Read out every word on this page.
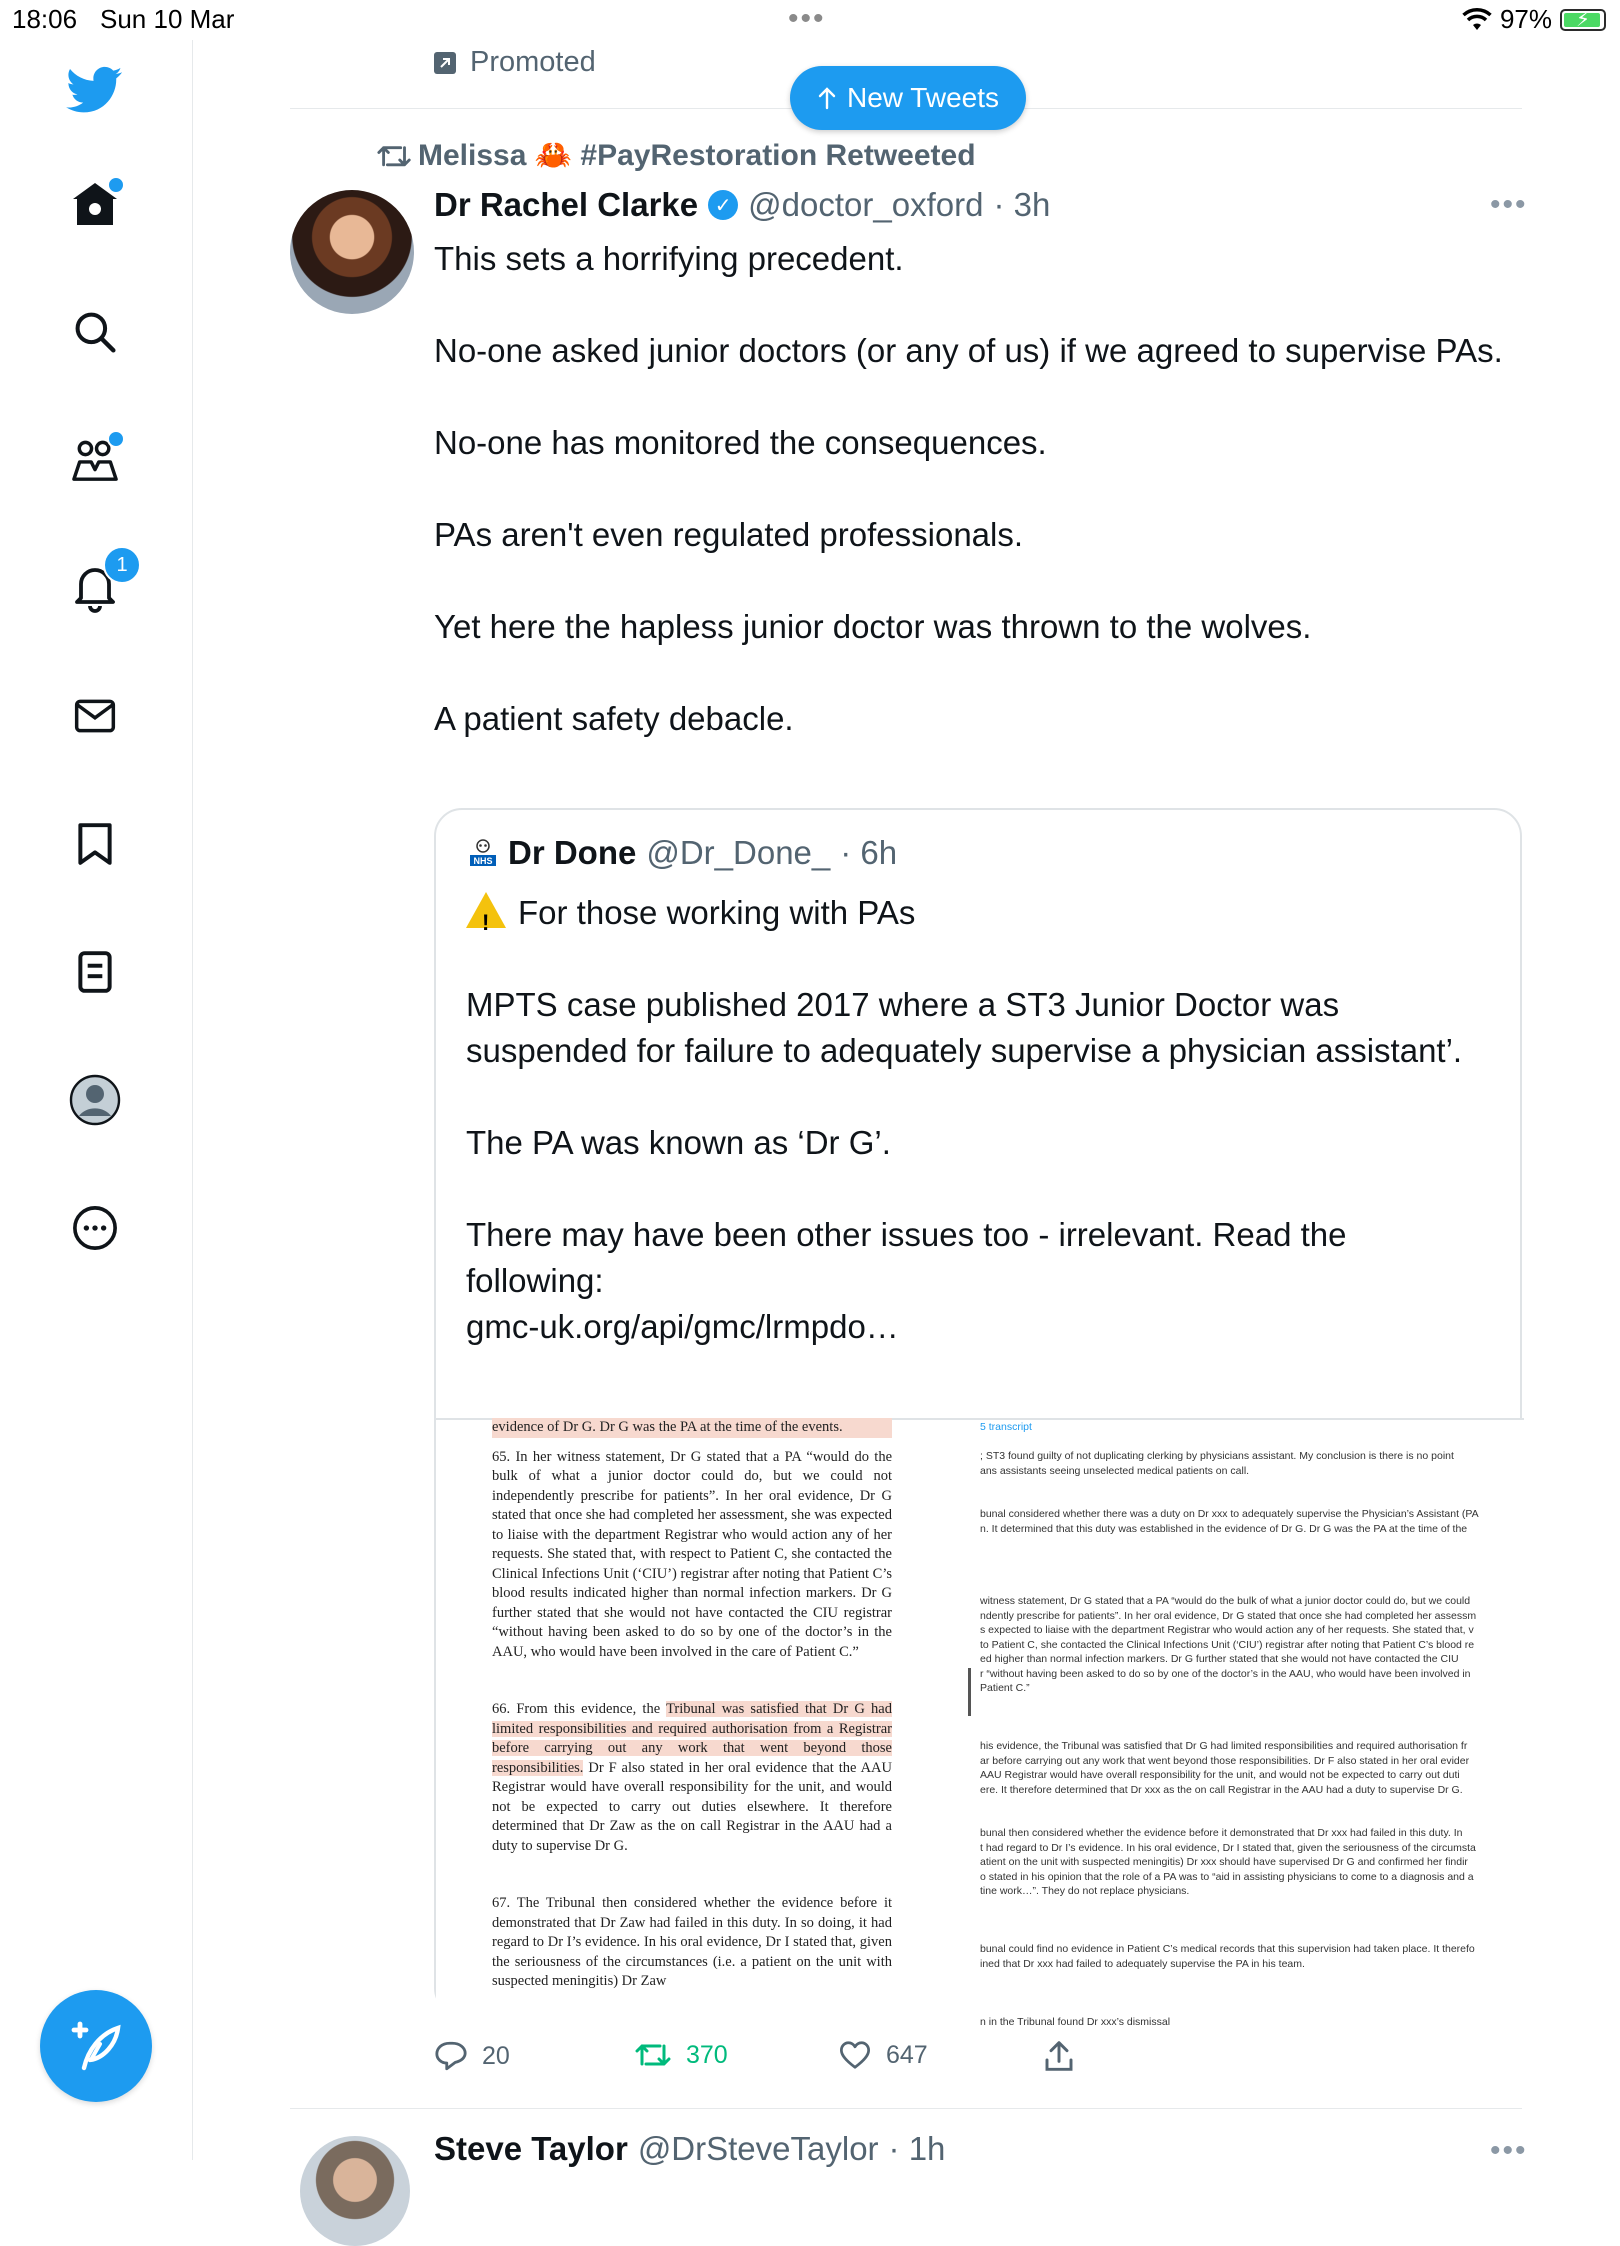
18:06 Sun 10 Mar	•••	97% ⚡
1
Promoted
New Tweets
Melissa 🦀 #PayRestoration Retweeted
Dr Rachel Clarke ✓ @doctor_oxford · 3h	•••

This sets a horrifying precedent.

No-one asked junior doctors (or any of us) if we agreed to supervise PAs.

No-one has monitored the consequences.

PAs aren't even regulated professionals.

Yet here the hapless junior doctor was thrown to the wolves.

A patient safety debacle.

NHS Dr Done @Dr_Done_ · 6h

! For those working with PAs

MPTS case published 2017 where a ST3 Junior Doctor was suspended for failure to adequately supervise a physician assistant’.

The PA was known as ‘Dr G’.

There may have been other issues too - irrelevant. Read the following:

gmc-uk.org/api/gmc/lrmpdo…

evidence of Dr G. Dr G was the PA at the time of the events.

65. In her witness statement, Dr G stated that a PA “would do the bulk of what a junior doctor could do, but we could not independently prescribe for patients”. In her oral evidence, Dr G stated that once she had completed her assessment, she was expected to liaise with the department Registrar who would action any of her requests. She stated that, with respect to Patient C, she contacted the Clinical Infections Unit (‘CIU’) registrar after noting that Patient C’s blood results indicated higher than normal infection markers. Dr G further stated that she would not have contacted the CIU registrar “without having been asked to do so by one of the doctor’s in the AAU, who would have been involved in the care of Patient C.”

66. From this evidence, the Tribunal was satisfied that Dr G had limited responsibilities and required authorisation from a Registrar before carrying out any work that went beyond those responsibilities. Dr F also stated in her oral evidence that the AAU Registrar would have overall responsibility for the unit, and would not be expected to carry out duties elsewhere. It therefore determined that Dr Zaw as the on call Registrar in the AAU had a duty to supervise Dr G.

67. The Tribunal then considered whether the evidence before it demonstrated that Dr Zaw had failed in this duty. In so doing, it had regard to Dr I’s evidence. In his oral evidence, Dr I stated that, given the seriousness of the circumstances (i.e. a patient on the unit with suspected meningitis) Dr Zaw

5 transcript

; ST3 found guilty of not duplicating clerking by physicians assistant. My conclusion is there is no point

ans assistants seeing unselected medical patients on call.

bunal considered whether there was a duty on Dr xxx to adequately supervise the Physician’s Assistant (PA

n. It determined that this duty was established in the evidence of Dr G. Dr G was the PA at the time of the

witness statement, Dr G stated that a PA “would do the bulk of what a junior doctor could do, but we could

ndently prescribe for patients”. In her oral evidence, Dr G stated that once she had completed her assessm

s expected to liaise with the department Registrar who would action any of her requests. She stated that, v

to Patient C, she contacted the Clinical Infections Unit (‘CIU’) registrar after noting that Patient C’s blood re

ed higher than normal infection markers. Dr G further stated that she would not have contacted the CIU

r “without having been asked to do so by one of the doctor’s in the AAU, who would have been involved in

Patient C.”

his evidence, the Tribunal was satisfied that Dr G had limited responsibilities and required authorisation fr

ar before carrying out any work that went beyond those responsibilities. Dr F also stated in her oral evider

AAU Registrar would have overall responsibility for the unit, and would not be expected to carry out duti

ere. It therefore determined that Dr xxx as the on call Registrar in the AAU had a duty to supervise Dr G.

bunal then considered whether the evidence before it demonstrated that Dr xxx had failed in this duty. In

t had regard to Dr I’s evidence. In his oral evidence, Dr I stated that, given the seriousness of the circumsta

atient on the unit with suspected meningitis) Dr xxx should have supervised Dr G and confirmed her findir

o stated in his opinion that the role of a PA was to “aid in assisting physicians to come to a diagnosis and a

tine work…”. They do not replace physicians.

bunal could find no evidence in Patient C’s medical records that this supervision had taken place. It therefo

ined that Dr xxx had failed to adequately supervise the PA in his team.

n in the Tribunal found Dr xxx’s dismissal

20	370	647
Steve Taylor @DrSteveTaylor · 1h	•••
